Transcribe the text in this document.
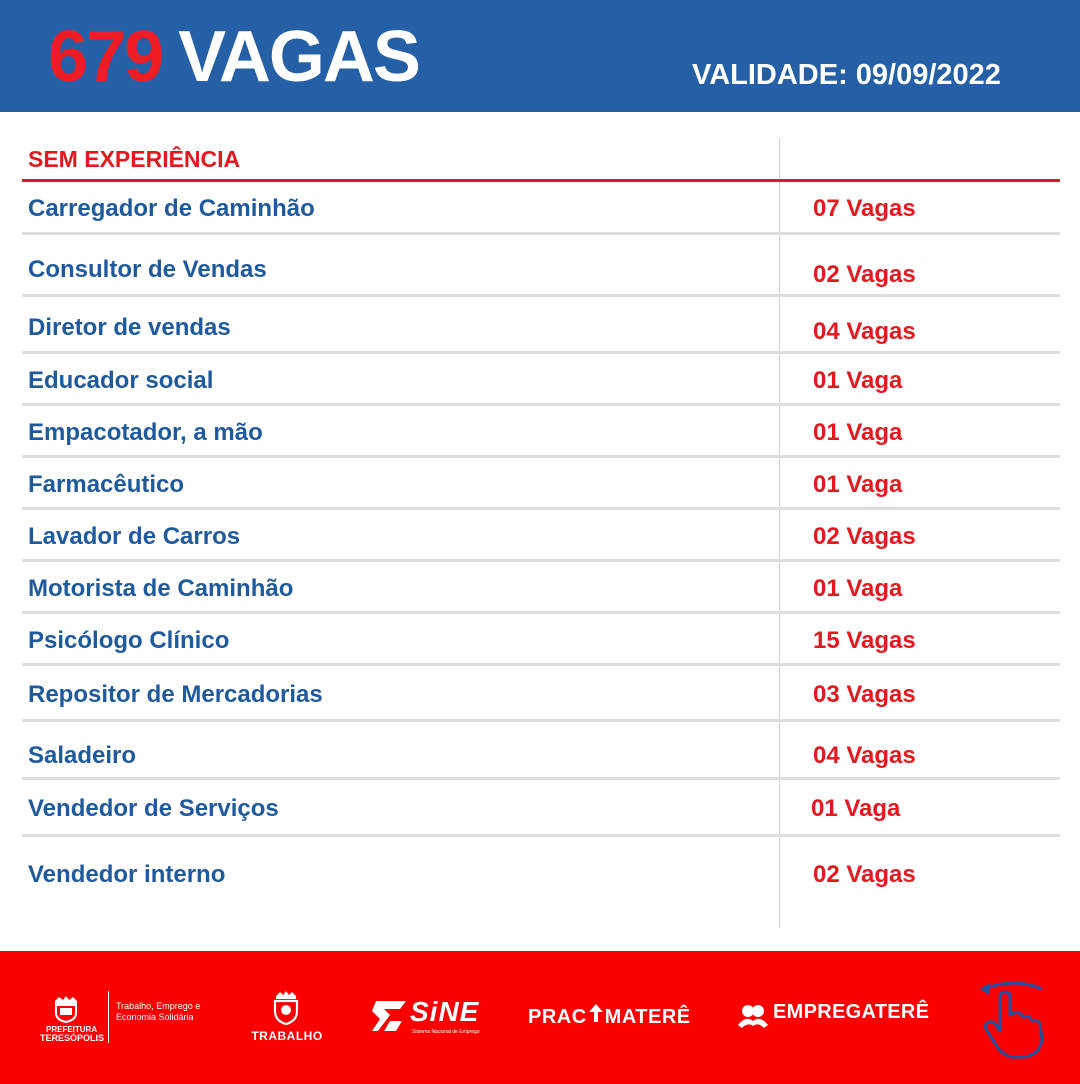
679 VAGAS	VALIDADE: 09/09/2022
SEM EXPERIÊNCIA
Carregador de Caminhão	07 Vagas
Consultor de Vendas	02 Vagas
Diretor de vendas	04 Vagas
Educador social	01 Vaga
Empacotador, a mão	01 Vaga
Farmacêutico	01 Vaga
Lavador de Carros	02 Vagas
Motorista de Caminhão	01 Vaga
Psicólogo Clínico	15 Vagas
Repositor de Mercadorias	03 Vagas
Saladeiro	04 Vagas
Vendedor de Serviços	01 Vaga
Vendedor interno	02 Vagas
PREFEITURA
TERESÓPOLIS
Trabalho, Emprego e Economia Solidária
TRABALHO
SiNE
Sistema Nacional de Emprego
PRAC MATERÊ	EMPREGATERÊ
